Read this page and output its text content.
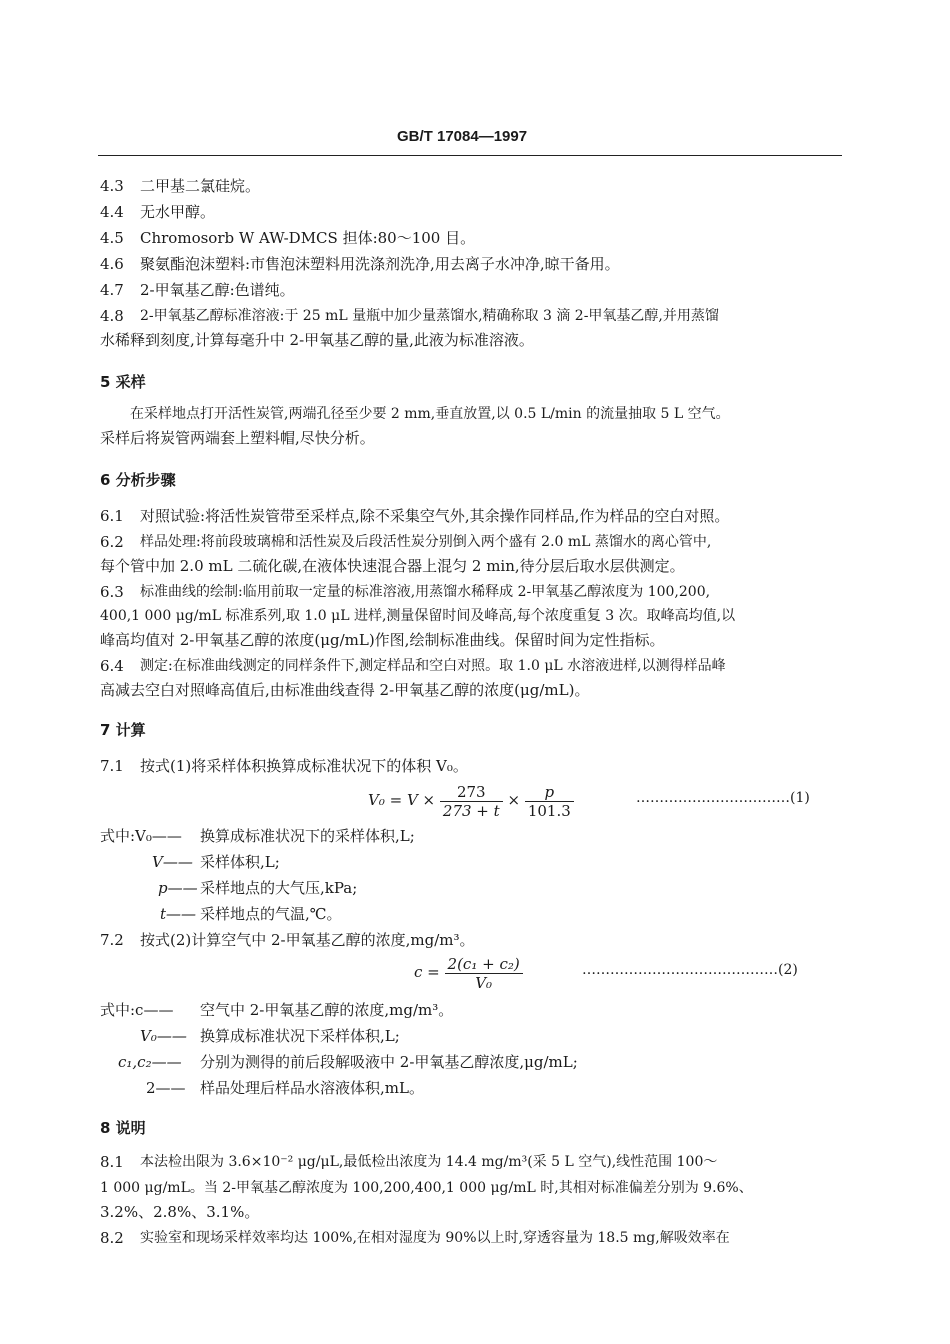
GB/T 17084—1997
4.3 二甲基二氯硅烷。
4.4 无水甲醇。
4.5 Chromosorb W AW-DMCS 担体:80～100 目。
4.6 聚氨酯泡沫塑料:市售泡沫塑料用洗涤剂洗净,用去离子水冲净,晾干备用。
4.7 2-甲氧基乙醇:色谱纯。
4.8 2-甲氧基乙醇标准溶液:于 25 mL 量瓶中加少量蒸馏水,精确称取 3 滴 2-甲氧基乙醇,并用蒸馏
水稀释到刻度,计算每毫升中 2-甲氧基乙醇的量,此液为标准溶液。
5 采样
在采样地点打开活性炭管,两端孔径至少要 2 mm,垂直放置,以 0.5 L/min 的流量抽取 5 L 空气。
采样后将炭管两端套上塑料帽,尽快分析。
6 分析步骤
6.1 对照试验:将活性炭管带至采样点,除不采集空气外,其余操作同样品,作为样品的空白对照。
6.2 样品处理:将前段玻璃棉和活性炭及后段活性炭分别倒入两个盛有 2.0 mL 蒸馏水的离心管中,
每个管中加 2.0 mL 二硫化碳,在液体快速混合器上混匀 2 min,待分层后取水层供测定。
6.3 标准曲线的绘制:临用前取一定量的标准溶液,用蒸馏水稀释成 2-甲氧基乙醇浓度为 100,200,
400,1 000 μg/mL 标准系列,取 1.0 μL 进样,测量保留时间及峰高,每个浓度重复 3 次。取峰高均值,以
峰高均值对 2-甲氧基乙醇的浓度(μg/mL)作图,绘制标准曲线。保留时间为定性指标。
6.4 测定:在标准曲线测定的同样条件下,测定样品和空白对照。取 1.0 μL 水溶液进样,以测得样品峰
高减去空白对照峰高值后,由标准曲线查得 2-甲氧基乙醇的浓度(μg/mL)。
7 计算
7.1 按式(1)将采样体积换算成标准状况下的体积 V₀。
$V_0 = V \times \frac{273}{273 + t} \times \frac{p}{101.3}$	……………………………(1)
式中:V₀—— 换算成标准状况下的采样体积,L;
V—— 采样体积,L;
p—— 采样地点的大气压,kPa;
t—— 采样地点的气温,℃。
7.2 按式(2)计算空气中 2-甲氧基乙醇的浓度,mg/m³。
$c = \frac{\text{2(c₁ + c₂)}}{\text{V₀}}$	……………………………………(2)
式中:c—— 空气中 2-甲氧基乙醇的浓度,mg/m³。
V₀—— 换算成标准状况下采样体积,L;
c₁,c₂—— 分别为测得的前后段解吸液中 2-甲氧基乙醇浓度,μg/mL;
2—— 样品处理后样品水溶液体积,mL。
8 说明
8.1 本法检出限为 3.6×10⁻² μg/μL,最低检出浓度为 14.4 mg/m³(采 5 L 空气),线性范围 100～
1 000 μg/mL。当 2-甲氧基乙醇浓度为 100,200,400,1 000 μg/mL 时,其相对标准偏差分别为 9.6%、
3.2%、2.8%、3.1%。
8.2 实验室和现场采样效率均达 100%,在相对湿度为 90%以上时,穿透容量为 18.5 mg,解吸效率在
